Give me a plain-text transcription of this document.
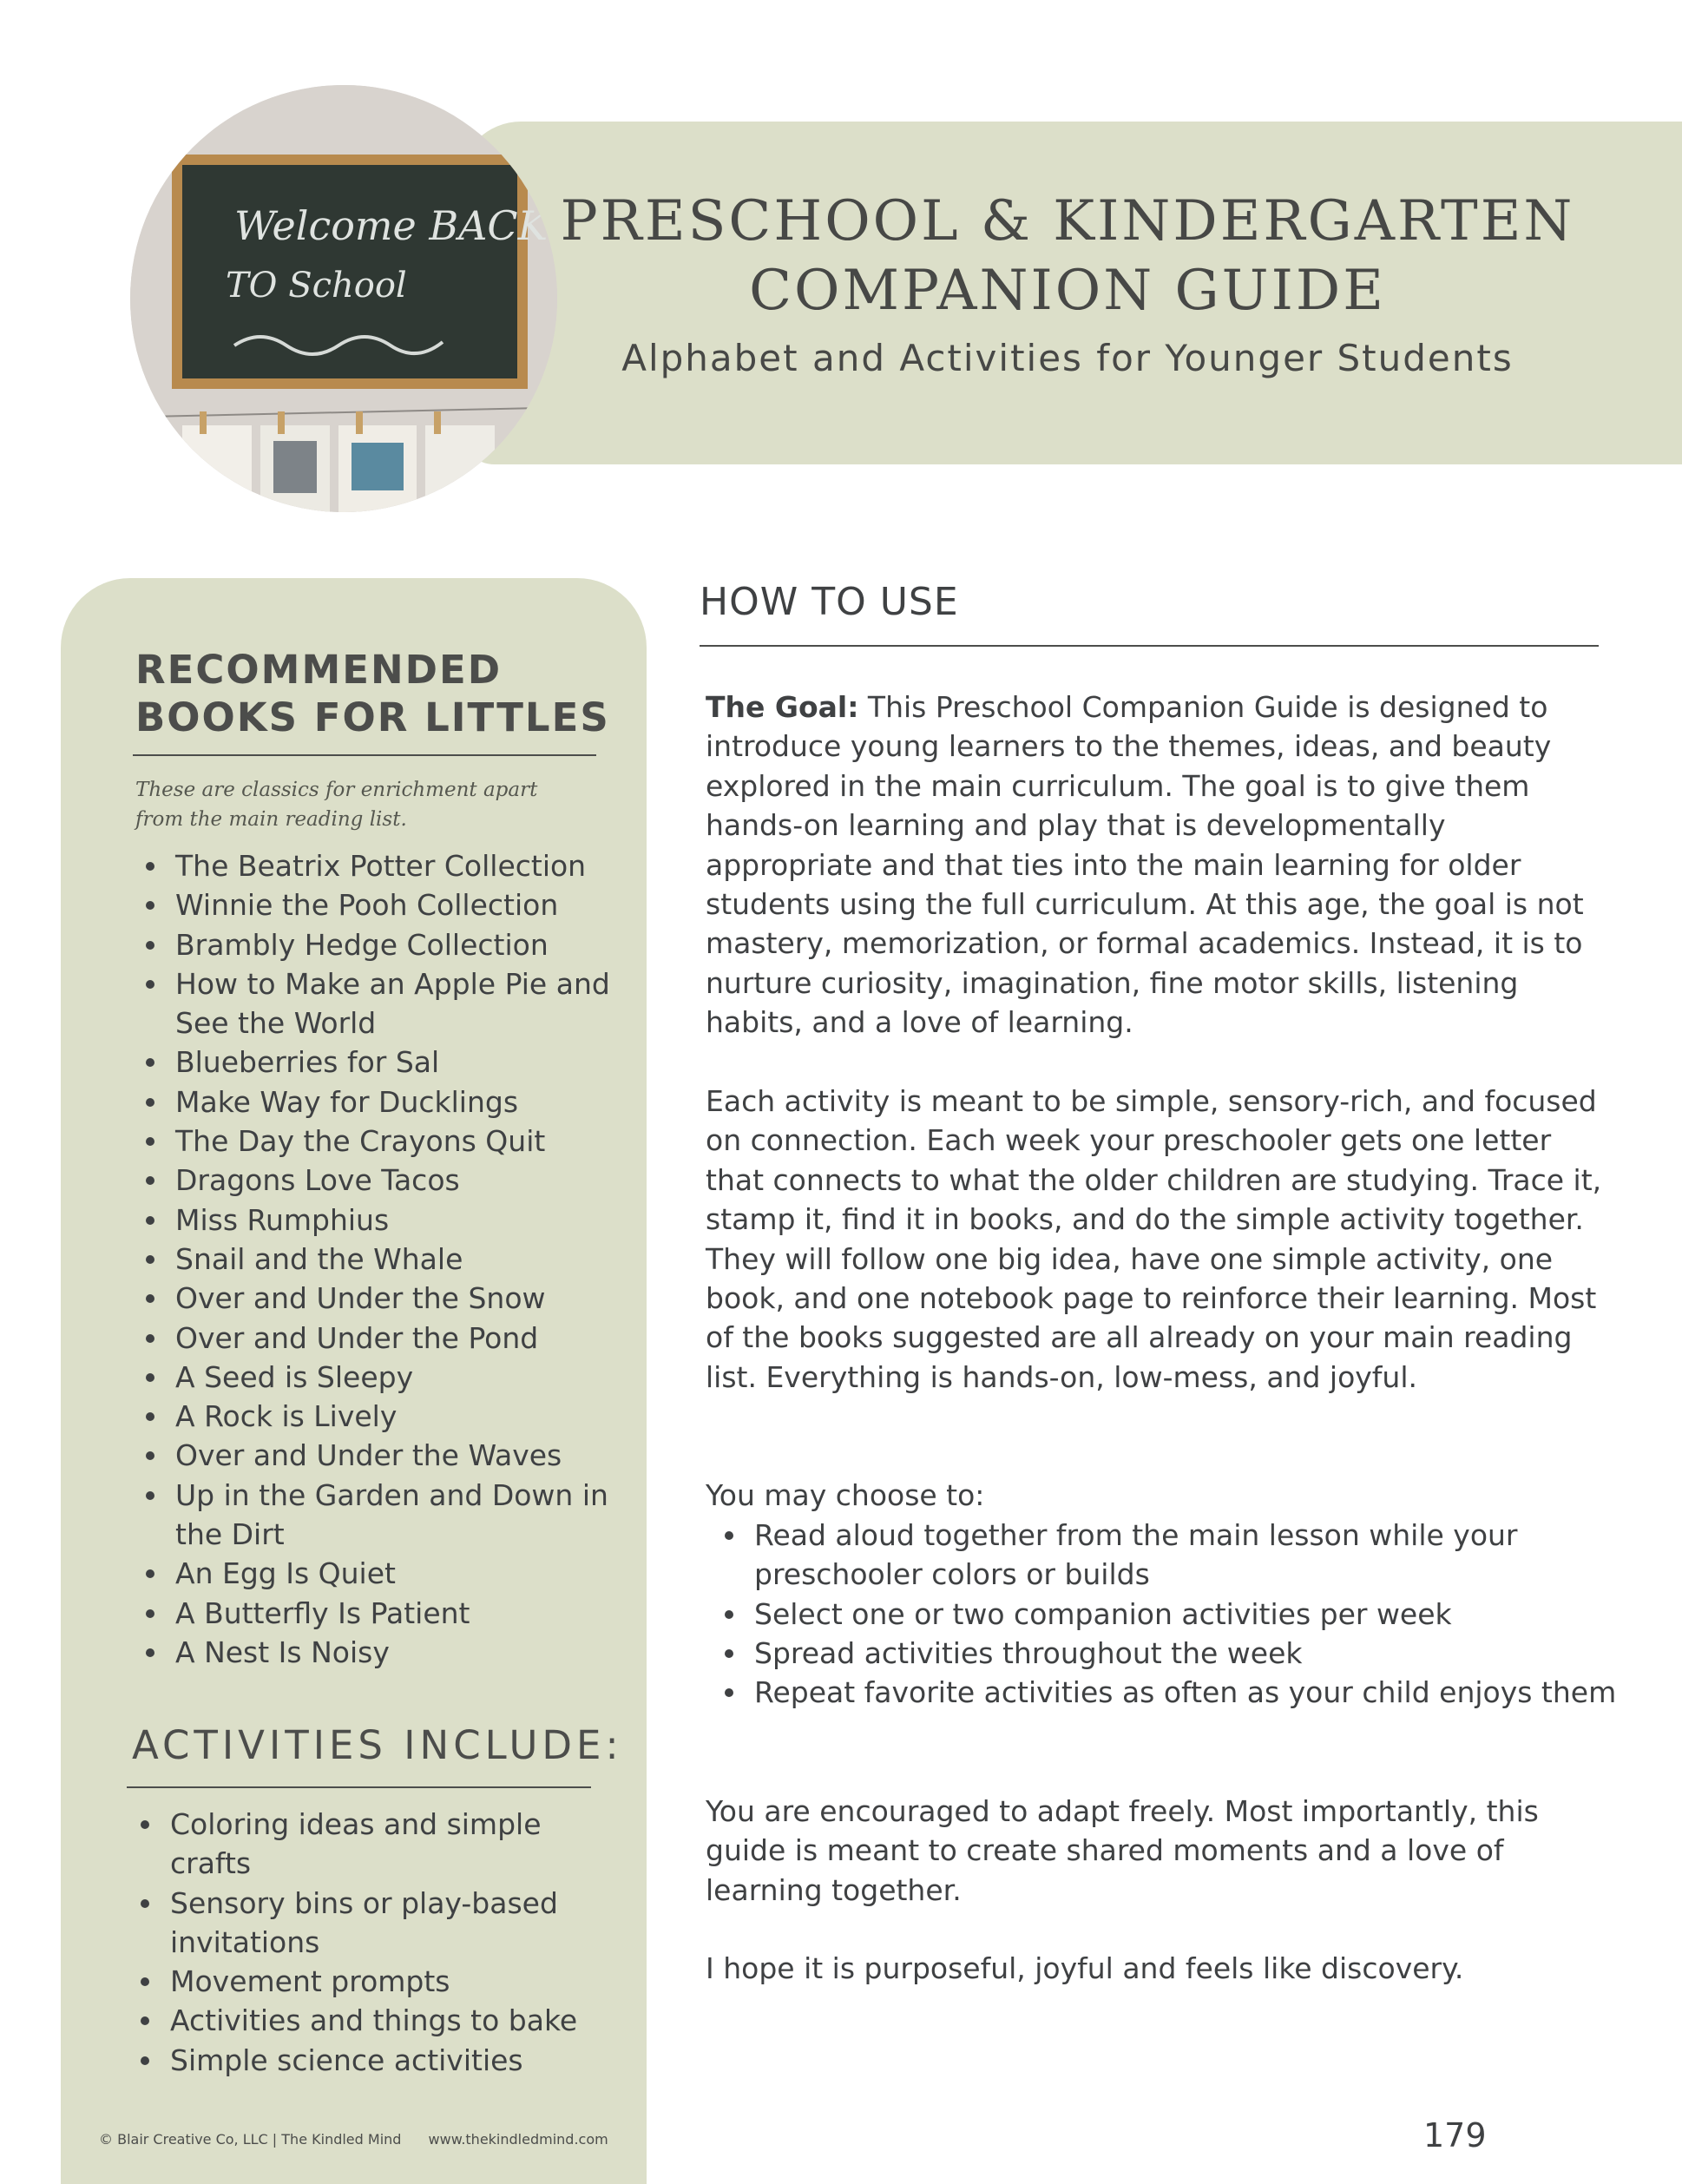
Welcome BACK
TO School
PRESCHOOL & KINDERGARTEN
COMPANION GUIDE
Alphabet and Activities for Younger Students
RECOMMENDED
BOOKS FOR LITTLES

These are classics for enrichment apart from the main reading list.

The Beatrix Potter Collection
Winnie the Pooh Collection
Brambly Hedge Collection
How to Make an Apple Pie and See the World
Blueberries for Sal
Make Way for Ducklings
The Day the Crayons Quit
Dragons Love Tacos
Miss Rumphius
Snail and the Whale
Over and Under the Snow
Over and Under the Pond
A Seed is Sleepy
A Rock is Lively
Over and Under the Waves
Up in the Garden and Down in the Dirt
An Egg Is Quiet
A Butterfly Is Patient
A Nest Is Noisy
ACTIVITIES INCLUDE:
Coloring ideas and simple crafts
Sensory bins or play-based invitations
Movement prompts
Activities and things to bake
Simple science activities

© Blair Creative Co, LLC | The Kindled Mind www.thekindledmind.com

HOW TO USE

The Goal: This Preschool Companion Guide is designed to introduce young learners to the themes, ideas, and beauty explored in the main curriculum. The goal is to give them hands-on learning and play that is developmentally appropriate and that ties into the main learning for older students using the full curriculum. At this age, the goal is not mastery, memorization, or formal academics. Instead, it is to nurture curiosity, imagination, fine motor skills, listening habits, and a love of learning.

Each activity is meant to be simple, sensory-rich, and focused on connection. Each week your preschooler gets one letter that connects to what the older children are studying. Trace it, stamp it, find it in books, and do the simple activity together. They will follow one big idea, have one simple activity, one book, and one notebook page to reinforce their learning. Most of the books suggested are all already on your main reading list. Everything is hands-on, low-mess, and joyful.

You may choose to:

Read aloud together from the main lesson while your preschooler colors or builds
Select one or two companion activities per week
Spread activities throughout the week
Repeat favorite activities as often as your child enjoys them

You are encouraged to adapt freely. Most importantly, this guide is meant to create shared moments and a love of learning together.

I hope it is purposeful, joyful and feels like discovery.

179
